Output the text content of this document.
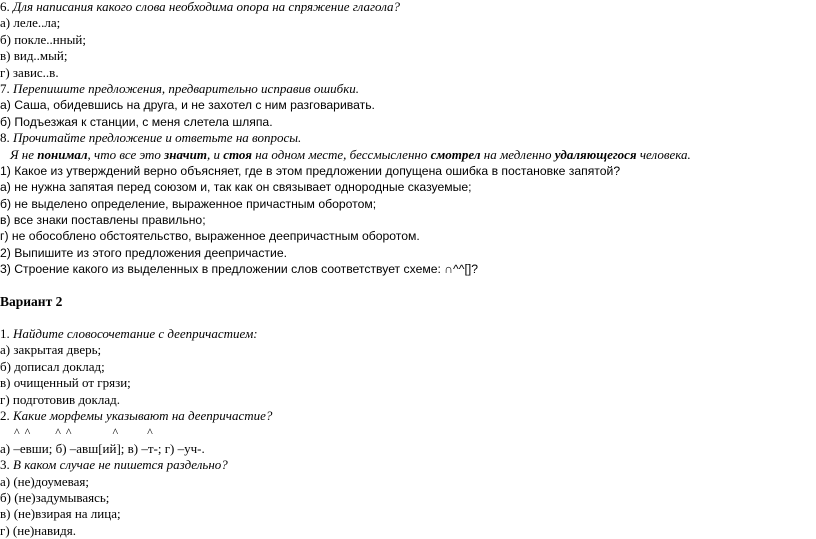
6. Для написания какого слова необходима опора на спряжение глагола?
а) леле..ла;
б) покле..нный;
в) вид..мый;
г) завис..в.
7. Перепишите предложения, предварительно исправив ошибки.
а) Саша, обидевшись на друга, и не захотел с ним разговаривать.
б) Подъезжая к станции, с меня слетела шляпа.
8. Прочитайте предложение и ответьте на вопросы.
Я не понимал, что все это значит, и стоя на одном месте, бессмысленно смотрел на медленно удаляющегося человека.
1) Какое из утверждений верно объясняет, где в этом предложении допущена ошибка в постановке запятой?
а) не нужна запятая перед союзом и, так как он связывает однородные сказуемые;
б) не выделено определение, выраженное причастным оборотом;
в) все знаки поставлены правильно;
г) не обособлено обстоятельство, выраженное деепричастным оборотом.
2) Выпишите из этого предложения деепричастие.
3) Строение какого из выделенных в предложении слов соответствует схеме: ∩^^[]?
Вариант 2
1. Найдите словосочетание с деепричастием:
а) закрытая дверь;
б) дописал доклад;
в) очищенный от грязи;
г) подготовив доклад.
2. Какие морфемы указывают на деепричастие?
^ ^      ^ ^          ^       ^
а) –евши; б) –авш[ий]; в) –т-; г) –уч-.
3. В каком случае не пишется раздельно?
а) (не)доумевая;
б) (не)задумываясь;
в) (не)взирая на лица;
г) (не)навидя.
